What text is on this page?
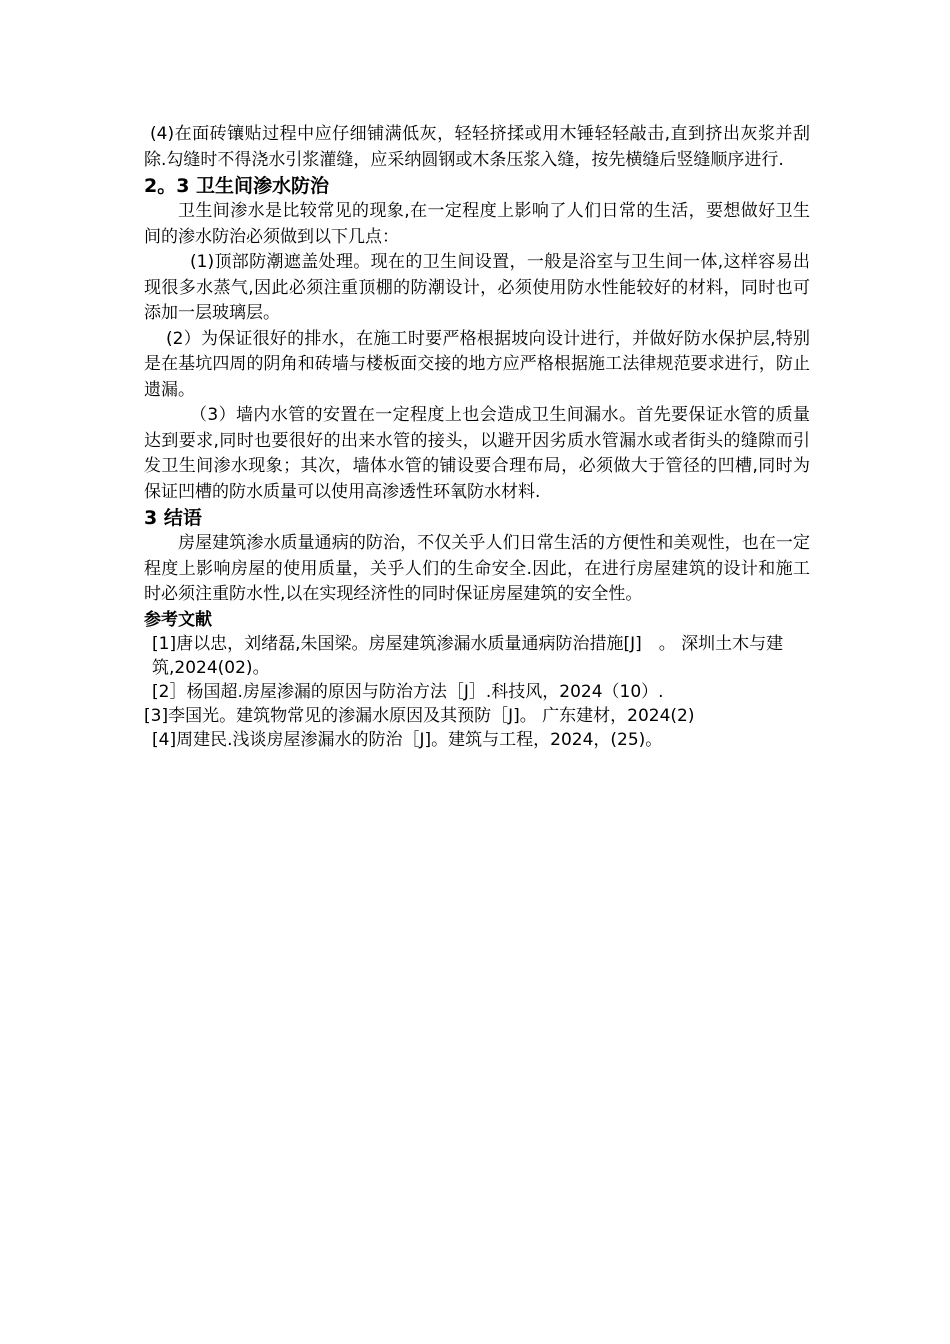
(4)在面砖镶贴过程中应仔细铺满低灰，轻轻挤揉或用木锤轻轻敲击,直到挤出灰浆并刮除.勾缝时不得浇水引浆灌缝，应采纳圆钢或木条压浆入缝，按先横缝后竖缝顺序进行.

2。3 卫生间渗水防治

卫生间渗水是比较常见的现象,在一定程度上影响了人们日常的生活，要想做好卫生间的渗水防治必须做到以下几点：

(1)顶部防潮遮盖处理。现在的卫生间设置，一般是浴室与卫生间一体,这样容易出现很多水蒸气,因此必须注重顶棚的防潮设计，必须使用防水性能较好的材料，同时也可添加一层玻璃层。

(2）为保证很好的排水，在施工时要严格根据坡向设计进行，并做好防水保护层,特别是在基坑四周的阴角和砖墙与楼板面交接的地方应严格根据施工法律规范要求进行，防止遗漏。

（3）墙内水管的安置在一定程度上也会造成卫生间漏水。首先要保证水管的质量达到要求,同时也要很好的出来水管的接头，以避开因劣质水管漏水或者街头的缝隙而引发卫生间渗水现象；其次，墙体水管的铺设要合理布局，必须做大于管径的凹槽,同时为保证凹槽的防水质量可以使用高渗透性环氧防水材料.

3 结语

房屋建筑渗水质量通病的防治，不仅关乎人们日常生活的方便性和美观性，也在一定程度上影响房屋的使用质量，关乎人们的生命安全.因此，在进行房屋建筑的设计和施工时必须注重防水性,以在实现经济性的同时保证房屋建筑的安全性。

参考文献

[1]唐以忠，刘绪磊,朱国梁。房屋建筑渗漏水质量通病防治措施[J]　。 深圳土木与建筑,2024(02)。

[2］杨国超.房屋渗漏的原因与防治方法［J］.科技风，2024（10）.

[3]李国光。建筑物常见的渗漏水原因及其预防［J]。 广东建材，2024(2)

[4]周建民.浅谈房屋渗漏水的防治［J]。建筑与工程，2024，(25)。
